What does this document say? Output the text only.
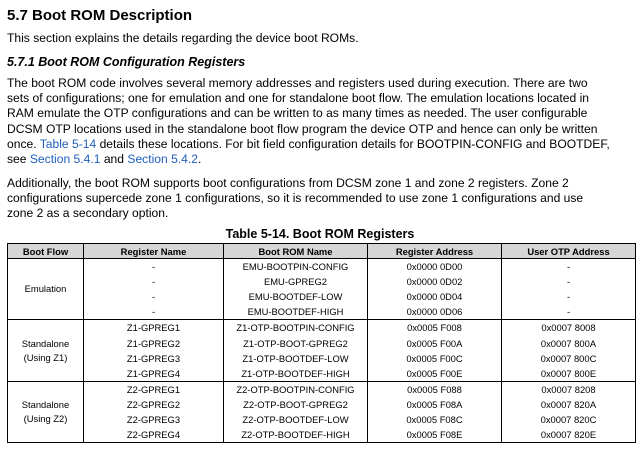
5.7 Boot ROM Description

This section explains the details regarding the device boot ROMs.

5.7.1 Boot ROM Configuration Registers

The boot ROM code involves several memory addresses and registers used during execution. There are two
sets of configurations; one for emulation and one for standalone boot flow. The emulation locations located in
RAM emulate the OTP configurations and can be written to as many times as needed. The user configurable
DCSM OTP locations used in the standalone boot flow program the device OTP and hence can only be written
once. Table 5-14 details these locations. For bit field configuration details for BOOTPIN-CONFIG and BOOTDEF,
see Section 5.4.1 and Section 5.4.2.

Additionally, the boot ROM supports boot configurations from DCSM zone 1 and zone 2 registers. Zone 2
configurations supercede zone 1 configurations, so it is recommended to use zone 1 configurations and use
zone 2 as a secondary option.

Table 5-14. Boot ROM Registers
Boot Flow	Register Name	Boot ROM Name	Register Address	User OTP Address

Emulation	-	EMU-BOOTPIN-CONFIG	0x0000 0D00	-
	-	EMU-GPREG2	0x0000 0D02	-
	-	EMU-BOOTDEF-LOW	0x0000 0D04	-
	-	EMU-BOOTDEF-HIGH	0x0000 0D06	-

Standalone
(Using Z1)	Z1-GPREG1	Z1-OTP-BOOTPIN-CONFIG	0x0005 F008	0x0007 8008
	Z1-GPREG2	Z1-OTP-BOOT-GPREG2	0x0005 F00A	0x0007 800A
	Z1-GPREG3	Z1-OTP-BOOTDEF-LOW	0x0005 F00C	0x0007 800C
	Z1-GPREG4	Z1-OTP-BOOTDEF-HIGH	0x0005 F00E	0x0007 800E

Standalone
(Using Z2)	Z2-GPREG1	Z2-OTP-BOOTPIN-CONFIG	0x0005 F088	0x0007 8208
	Z2-GPREG2	Z2-OTP-BOOT-GPREG2	0x0005 F08A	0x0007 820A
	Z2-GPREG3	Z2-OTP-BOOTDEF-LOW	0x0005 F08C	0x0007 820C
	Z2-GPREG4	Z2-OTP-BOOTDEF-HIGH	0x0005 F08E	0x0007 820E
